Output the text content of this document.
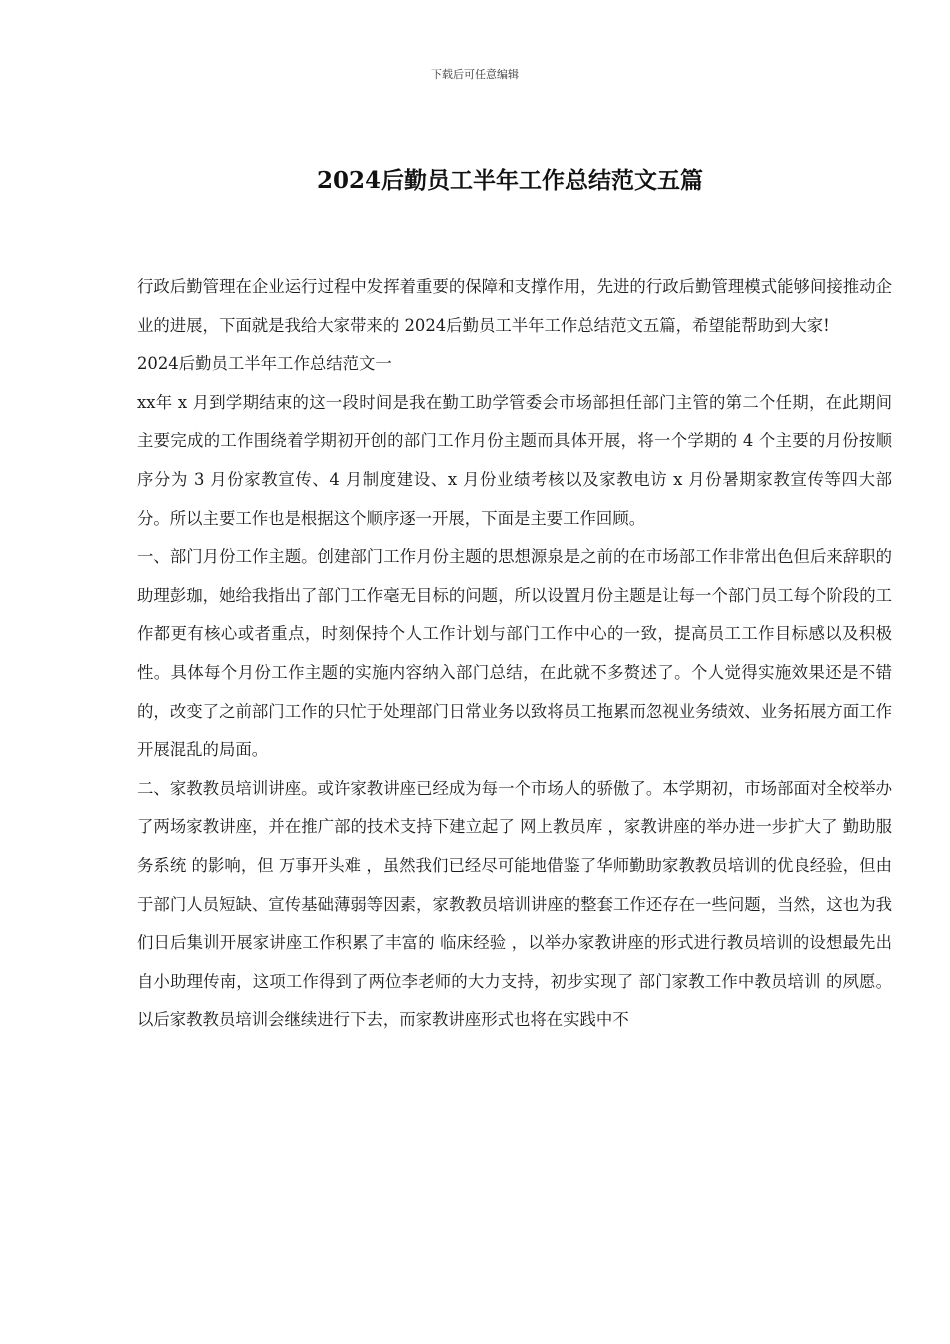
下载后可任意编辑
2024后勤员工半年工作总结范文五篇

行政后勤管理在企业运行过程中发挥着重要的保障和支撑作用，先进的行政后勤管理模式能够间接推动企业的进展，下面就是我给大家带来的 2024后勤员工半年工作总结范文五篇，希望能帮助到大家!

2024后勤员工半年工作总结范文一

xx年 x 月到学期结束的这一段时间是我在勤工助学管委会市场部担任部门主管的第二个任期，在此期间主要完成的工作围绕着学期初开创的部门工作月份主题而具体开展，将一个学期的 4 个主要的月份按顺序分为 3 月份家教宣传、4 月制度建设、x 月份业绩考核以及家教电访 x 月份暑期家教宣传等四大部分。所以主要工作也是根据这个顺序逐一开展，下面是主要工作回顾。

一、部门月份工作主题。创建部门工作月份主题的思想源泉是之前的在市场部工作非常出色但后来辞职的助理彭珈，她给我指出了部门工作毫无目标的问题，所以设置月份主题是让每一个部门员工每个阶段的工作都更有核心或者重点，时刻保持个人工作计划与部门工作中心的一致，提高员工工作目标感以及积极性。具体每个月份工作主题的实施内容纳入部门总结，在此就不多赘述了。个人觉得实施效果还是不错的，改变了之前部门工作的只忙于处理部门日常业务以致将员工拖累而忽视业务绩效、业务拓展方面工作开展混乱的局面。

二、家教教员培训讲座。或许家教讲座已经成为每一个市场人的骄傲了。本学期初，市场部面对全校举办了两场家教讲座，并在推广部的技术支持下建立起了 网上教员库 ，家教讲座的举办进一步扩大了 勤助服务系统 的影响，但 万事开头难 ，虽然我们已经尽可能地借鉴了华师勤助家教教员培训的优良经验，但由于部门人员短缺、宣传基础薄弱等因素，家教教员培训讲座的整套工作还存在一些问题，当然，这也为我们日后集训开展家讲座工作积累了丰富的 临床经验 ，以举办家教讲座的形式进行教员培训的设想最先出自小助理传南，这项工作得到了两位李老师的大力支持，初步实现了 部门家教工作中教员培训 的夙愿。以后家教教员培训会继续进行下去，而家教讲座形式也将在实践中不
